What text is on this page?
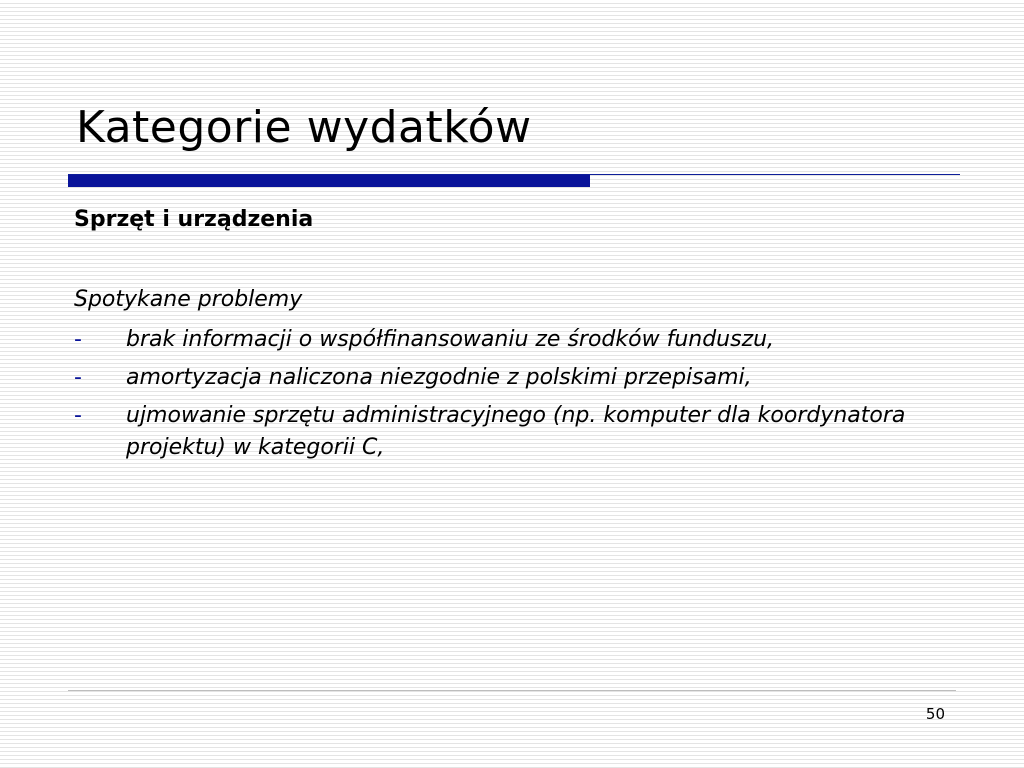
Kategorie wydatków

Sprzęt i urządzenia

Spotykane problemy

-	brak informacji o współfinansowaniu ze środków funduszu,
-	amortyzacja naliczona niezgodnie z polskimi przepisami,
-	ujmowanie sprzętu administracyjnego (np. komputer dla koordynatora projektu) w kategorii C,
50
